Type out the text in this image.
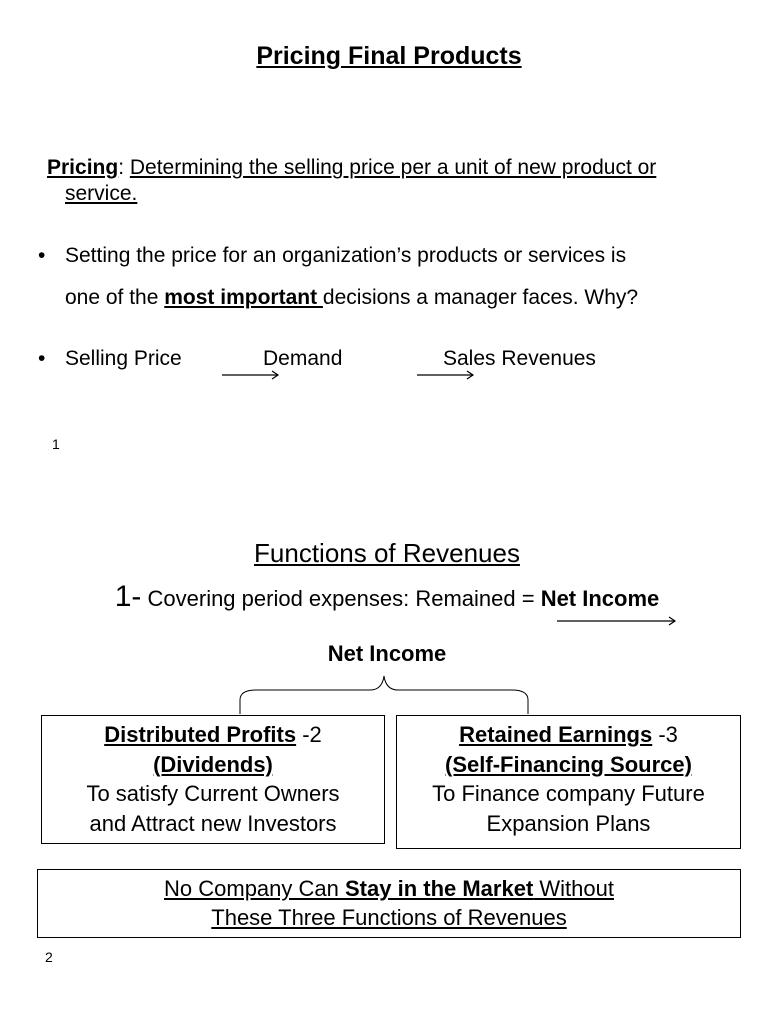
Pricing Final Products
Pricing: Determining the selling price per a unit of new product or
service.
• Setting the price for an organization’s products or services is
one of the most important decisions a manager faces. Why?
• Selling Price	Demand	Sales Revenues
1
Functions of Revenues
1- Covering period expenses: Remained = Net Income
Net Income
Distributed Profits -2
(Dividends)
To satisfy Current Owners
and Attract new Investors
Retained Earnings -3
(Self-Financing Source)
To Finance company Future
Expansion Plans
No Company Can Stay in the Market Without
These Three Functions of Revenues
2
